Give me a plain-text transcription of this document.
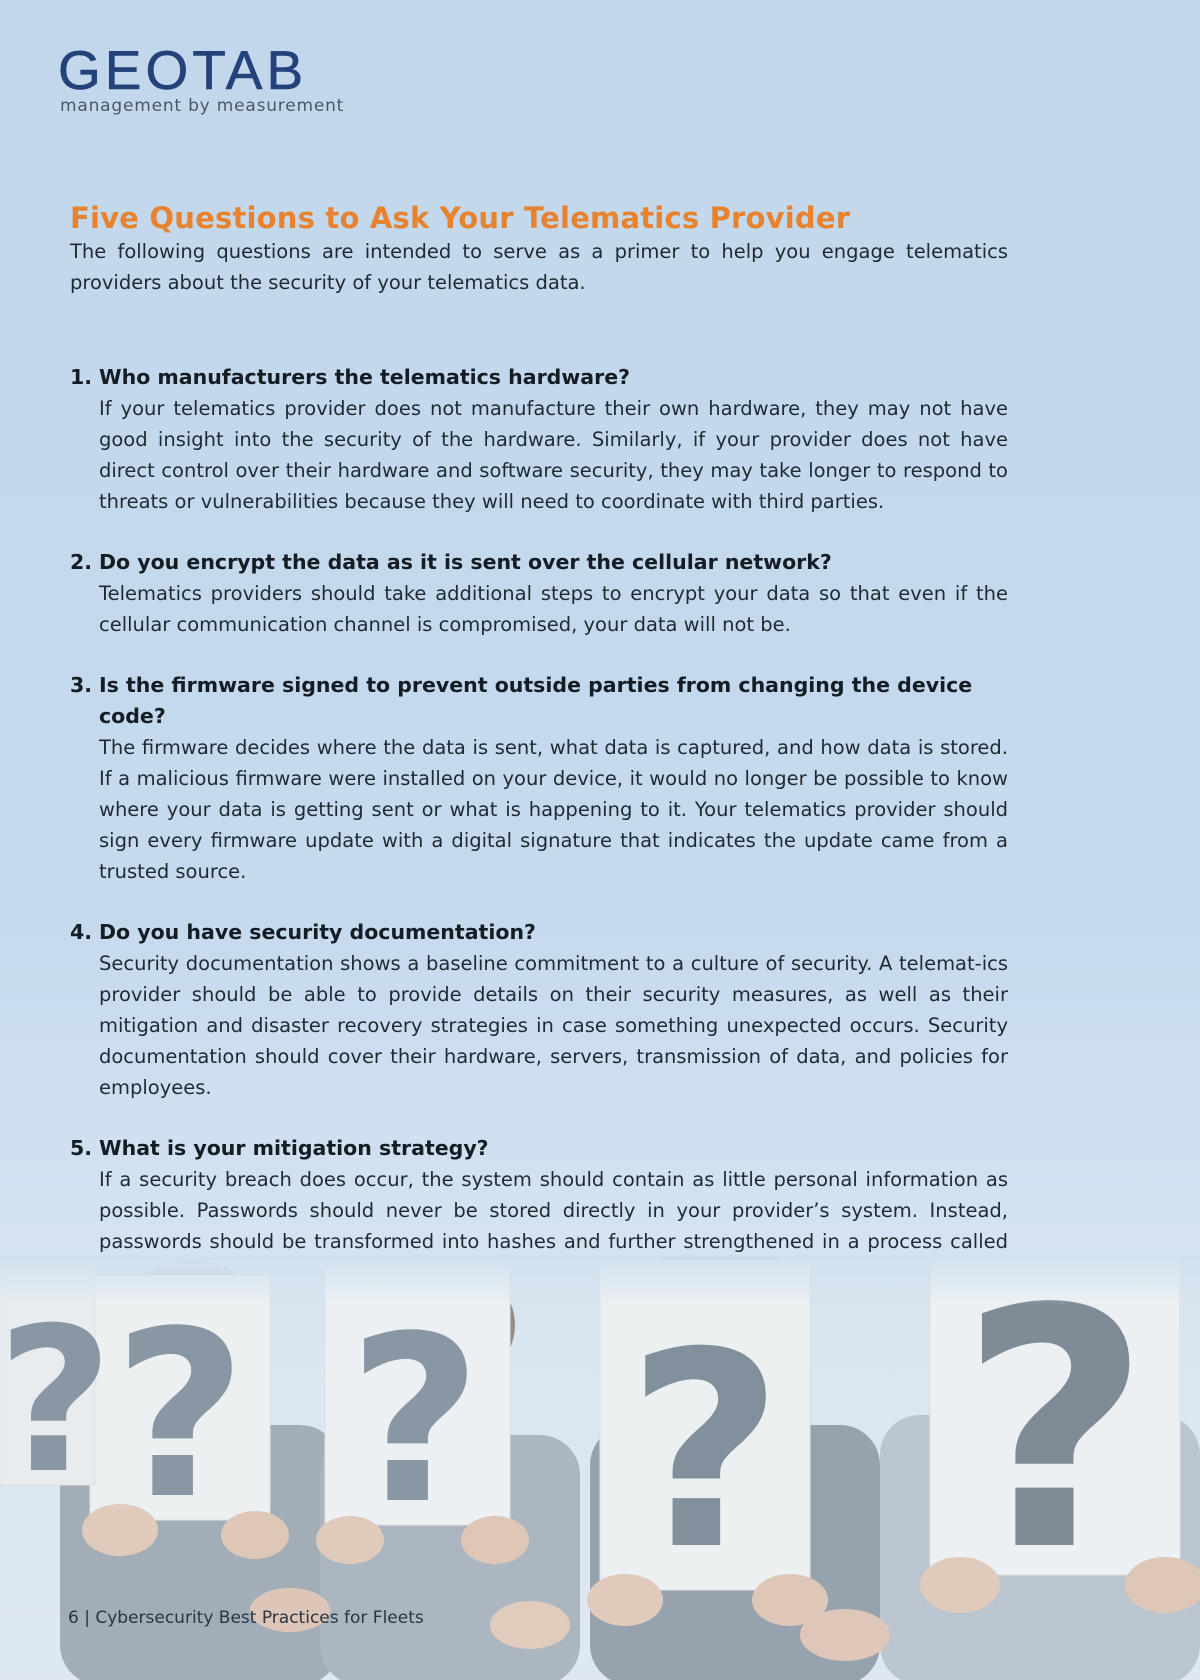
GEOTAB
management by measurement
Five Questions to Ask Your Telematics Provider

The following questions are intended to serve as a primer to help you engage telematics providers about the security of your telematics data.

1. Who manufacturers the telematics hardware?

If your telematics provider does not manufacture their own hardware, they may not have good insight into the security of the hardware. Similarly, if your provider does not have direct control over their hardware and software security, they may take longer to respond to threats or vulnerabilities because they will need to coordinate with third parties.

2. Do you encrypt the data as it is sent over the cellular network?

Telematics providers should take additional steps to encrypt your data so that even if the cellular communication channel is compromised, your data will not be.

3. Is the firmware signed to prevent outside parties from changing the device code?

The firmware decides where the data is sent, what data is captured, and how data is stored. If a malicious firmware were installed on your device, it would no longer be possible to know where your data is getting sent or what is happening to it. Your telematics provider should sign every firmware update with a digital signature that indicates the update came from a trusted source.

4. Do you have security documentation?

Security documentation shows a baseline commitment to a culture of security. A telemat-ics provider should be able to provide details on their security measures, as well as their mitigation and disaster recovery strategies in case something unexpected occurs. Security documentation should cover their hardware, servers, transmission of data, and policies for employees.

5. What is your mitigation strategy?

If a security breach does occur, the system should contain as little personal information as possible. Passwords should never be stored directly in your provider’s system. Instead, passwords should be transformed into hashes and further strengthened in a process called

6 | Cybersecurity Best Practices for Fleets
